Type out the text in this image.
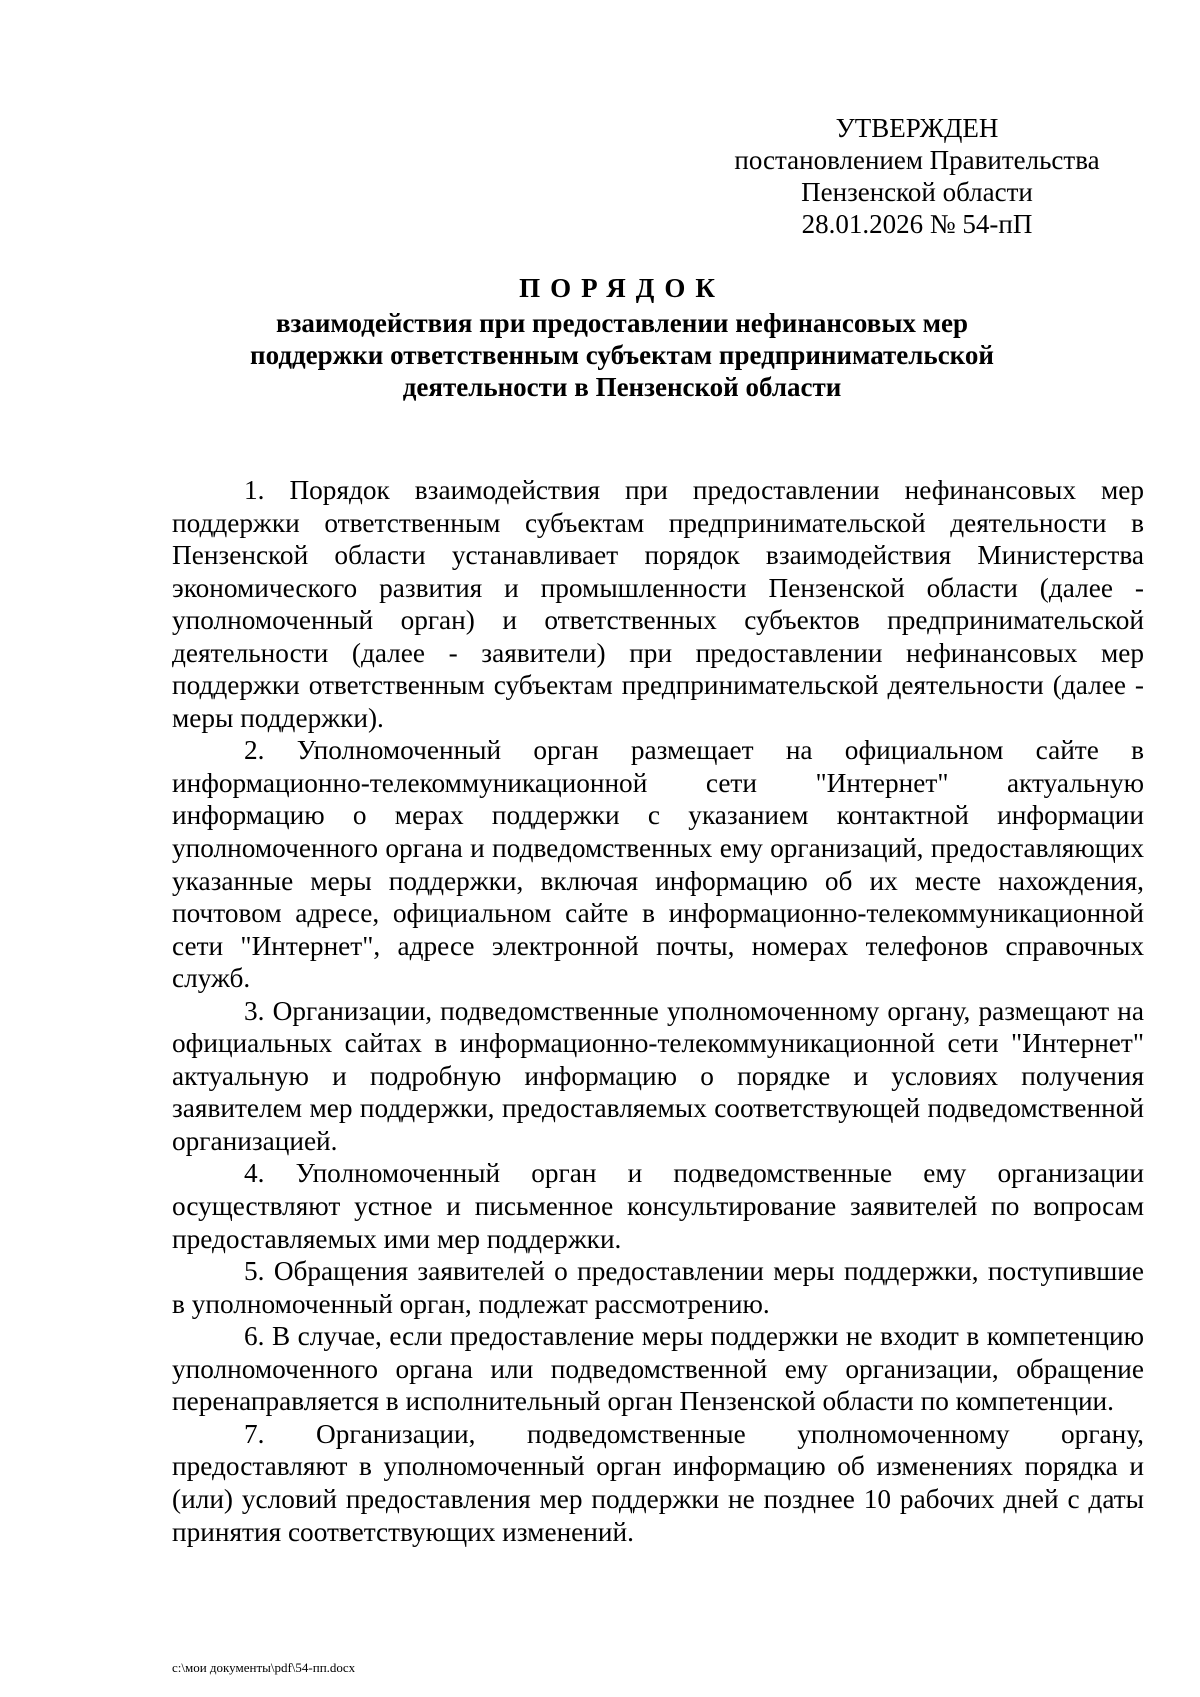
УТВЕРЖДЕН
постановлением Правительства
Пензенской области
28.01.2026 № 54-пП
ПОРЯДОК
взаимодействия при предоставлении нефинансовых мер
поддержки ответственным субъектам предпринимательской
деятельности в Пензенской области

1. Порядок взаимодействия при предоставлении нефинансовых мер поддержки ответственным субъектам предпринимательской деятельности в Пензенской области устанавливает порядок взаимодействия Министерства экономического развития и промышленности Пензенской области (далее - уполномоченный орган) и ответственных субъектов предпринимательской деятельности (далее - заявители) при предоставлении нефинансовых мер поддержки ответственным субъектам предпринимательской деятельности (далее - меры поддержки).

2. Уполномоченный орган размещает на официальном сайте в информационно-телекоммуникационной сети "Интернет" актуальную информацию о мерах поддержки с указанием контактной информации уполномоченного органа и подведомственных ему организаций, предоставляющих указанные меры поддержки, включая информацию об их месте нахождения, почтовом адресе, официальном сайте в информационно-телекоммуникационной сети "Интернет", адресе электронной почты, номерах телефонов справочных служб.

3. Организации, подведомственные уполномоченному органу, размещают на официальных сайтах в информационно-телекоммуникационной сети "Интернет" актуальную и подробную информацию о порядке и условиях получения заявителем мер поддержки, предоставляемых соответствующей подведомственной организацией.

4. Уполномоченный орган и подведомственные ему организации осуществляют устное и письменное консультирование заявителей по вопросам предоставляемых ими мер поддержки.

5. Обращения заявителей о предоставлении меры поддержки, поступившие в уполномоченный орган, подлежат рассмотрению.

6. В случае, если предоставление меры поддержки не входит в компетенцию уполномоченного органа или подведомственной ему организации, обращение перенаправляется в исполнительный орган Пензенской области по компетенции.

7. Организации, подведомственные уполномоченному органу, предоставляют в уполномоченный орган информацию об изменениях порядка и (или) условий предоставления мер поддержки не позднее 10 рабочих дней с даты принятия соответствующих изменений.

c:\мои документы\pdf\54-пп.docx
